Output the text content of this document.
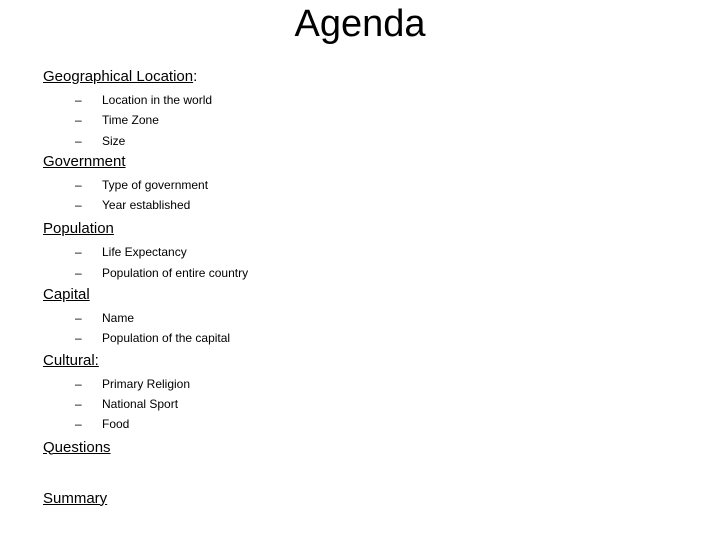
Agenda
Geographical Location:
– Location in the world
– Time Zone
– Size
Government
– Type of government
– Year established
Population
– Life Expectancy
– Population of entire country
Capital
– Name
– Population of the capital
Cultural:
– Primary Religion
– National Sport
– Food
Questions
Summary
